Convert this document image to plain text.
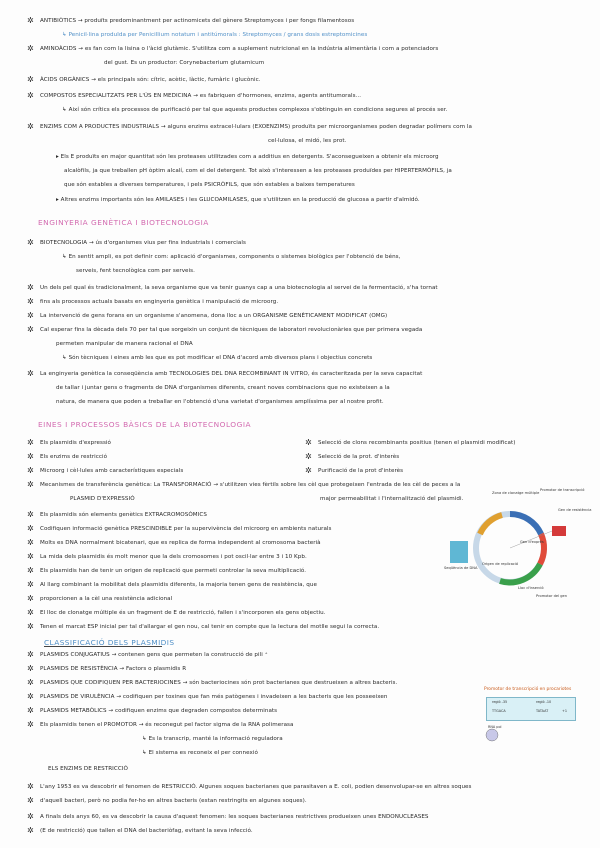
✲
✲
✲
✲
✲
✲
✲
✲
✲
✲
✲
✲
✲
✲
✲
✲
✲
✲
✲
✲
✲
✲
✲
✲
✲
✲
✲
✲
✲
✲
✲
ANTIBIÒTICS → produïts predominantment per actinomicets del gènere Streptomyces i per fongs filamentosos
↳ Penicil·lina produïda per Penicillium notatum i antitúmorals : Streptomyces / grans dosis estreptomicines
AMINOÀCIDS → es fan com la lisina o l'àcid glutàmic. S'utilitza com a suplement nutricional en la indústria alimentària i com a potenciadors
del gust. Es un productor: Corynebacterium glutamicum
ÀCIDS ORGÀNICS → els principals són: cítric, acètic, làctic, fumàric i glucònic.
COMPOSTOS ESPECIALITZATS PER L'ÚS EN MEDICINA → es fabriquen d'hormones, enzims, agents antitumorals...
↳ Així són crítics els processos de purificació per tal que aquests productes complexos s'obtinguin en condicions segures al procés ser.
ENZIMS COM A PRODUCTES INDUSTRIALS → alguns enzims extracel·lulars (EXOENZIMS) produïts per microorganismes poden degradar polímers com la
cel·lulosa, el midó, les prot.
▸ Els E produïts en major quantitat són les proteases utilitzades com a additius en detergents. S'aconsegueixen a obtenir els microorg
alcalòfils, ja que treballen pH òptim alcalí, com el del detergent. Tot això s'interessen a les proteases produïdes per HIPERTERMÒFILS, ja
que són estables a diverses temperatures, i pels PSICRÒFILS, que són estables a baixes temperatures
▸ Altres enzims importants són les AMILASES i les GLUCOAMILASES, que s'utilitzen en la producció de glucosa a partir d'almidó.
ENGINYERIA GENÈTICA I BIOTECNOLOGIA
BIOTECNOLOGIA → ús d'organismes vius per fins industrials i comercials
↳ En sentit ampli, es pot definir com: aplicació d'organismes, components o sistemes biològics per l'obtenció de béns,
serveis, fent tecnològica com per serveis.
Un dels pel qual és tradicionalment, la seva organisme que va tenir guanys cap a una biotecnologia al servei de la fermentació, s'ha tornat
fins als processos actuals basats en enginyeria genètica i manipulació de microorg.
La intervenció de gens forans en un organisme s'anomena, dona lloc a un ORGANISME GENÈTICAMENT MODIFICAT (OMG)
Cal esperar fins la dècada dels 70 per tal que sorgeixin un conjunt de tècniques de laboratori revolucionàries que per primera vegada
permeten manipular de manera racional el DNA
↳ Són tècniques i eines amb les que es pot modificar el DNA d'acord amb diversos plans i objectius concrets
La enginyeria genètica la conseqüència amb TECNOLOGIES DEL DNA RECOMBINANT IN VITRO, és caracteritzada per la seva capacitat
de tallar i juntar gens o fragments de DNA d'organismes diferents, creant noves combinacions que no existeixen a la
natura, de manera que poden a treballar en l'obtenció d'una varietat d'organismes amplíssima per al nostre profit.
EINES I PROCESSOS BÀSICS DE LA BIOTECNOLOGIA
Els plasmidis d'expressió
✲
Els enzims de restricció
✲
Microorg i cèl·lules amb característiques especials
✲
Selecció de clons recombinants positius (tenen el plasmidi modificat)
✲
Selecció de la prot. d'interès
✲
Purificació de la prot d'interès
✲
Mecanismes de transferència genètica: La TRANSFORMACIÓ → s'utilitzen vies fèrtils sobre les cèl que protegeixen l'entrada de les cèl de peces a la
PLASMID D'EXPRESSIÓ	major permeabilitat i l'internalització del plasmidi.
Els plasmidis són elements genètics EXTRACROMOSÒMICS
Codifiquen informació genètica PRESCINDIBLE per la supervivència del microorg en ambients naturals
Molts es DNA normalment bicatenari, que es replica de forma independent al cromosoma bacterià
La mida dels plasmidis és molt menor que la dels cromosomes i pot oscil·lar entre 3 i 10 Kpb.
Els plasmidis han de tenir un origen de replicació que permeti controlar la seva multiplicació.
Al llarg combinant la mobilitat dels plasmidis diferents, la majoria tenen gens de resistència, que
proporcionen a la cèl una resistència adicional
El lloc de clonatge múltiple és un fragment de E de restricció, fallen i s'incorporen els gens objectiu.
Tenen el marcat ESP inicial per tal d'allargar el gen nou, cal tenir en compte que la lectura del motlle segui la correcta.
CLASSIFICACIÓ DELS PLASMIDIS
PLASMIDS CONJUGATIUS → contenen gens que permeten la construcció de pili ⁺
PLASMIDS DE RESISTÈNCIA → Factors o plasmidis R
PLASMIDS QUE CODIFIQUEN PER BACTERIOCINES → són bacteriocines són prot bacterianes que destrueixen a altres bacteris.
PLASMIDS DE VIRULÈNCIA → codifiquen per toxines que fan més patògenes i invadeixen a les bacteris que les posseeixen
PLASMIDS METABÒLICS → codifiquen enzims que degraden compostos determinats
Els plasmidis tenen el PROMOTOR → és reconegut pel factor sigma de la RNA polimerasa
↳ Es la transcrip, manté la informació reguladora
↳ El sistema es reconeix el per connexió
ELS ENZIMS DE RESTRICCIÓ
L'any 1953 es va descobrir el fenomen de RESTRICCIÓ. Algunes soques bacterianes que parasitaven a E. coli, podien desenvolupar-se en altres soques
d'aquell bacteri, però no podia fer-ho en altres bacteris (estan restringits en algunes soques).
A finals dels anys 60, es va descobrir la causa d'aquest fenomen: les soques bacterianes restrictives produeixen unes ENDONUCLEASES
(E de restricció) que tallen el DNA del bacteriòfag, evitant la seva infecció.
Promotor de transcripció
Gen de resistència
Zona de clonatge múltiple
Origen de replicació
Gen d'exprés
Seqüència de DNA
Lloc d'inserció
Promotor del gen
Promotor de transcripció en procariotes
regió -35	regió -10
TTGACA	TATAAT	+1
RNA pol
